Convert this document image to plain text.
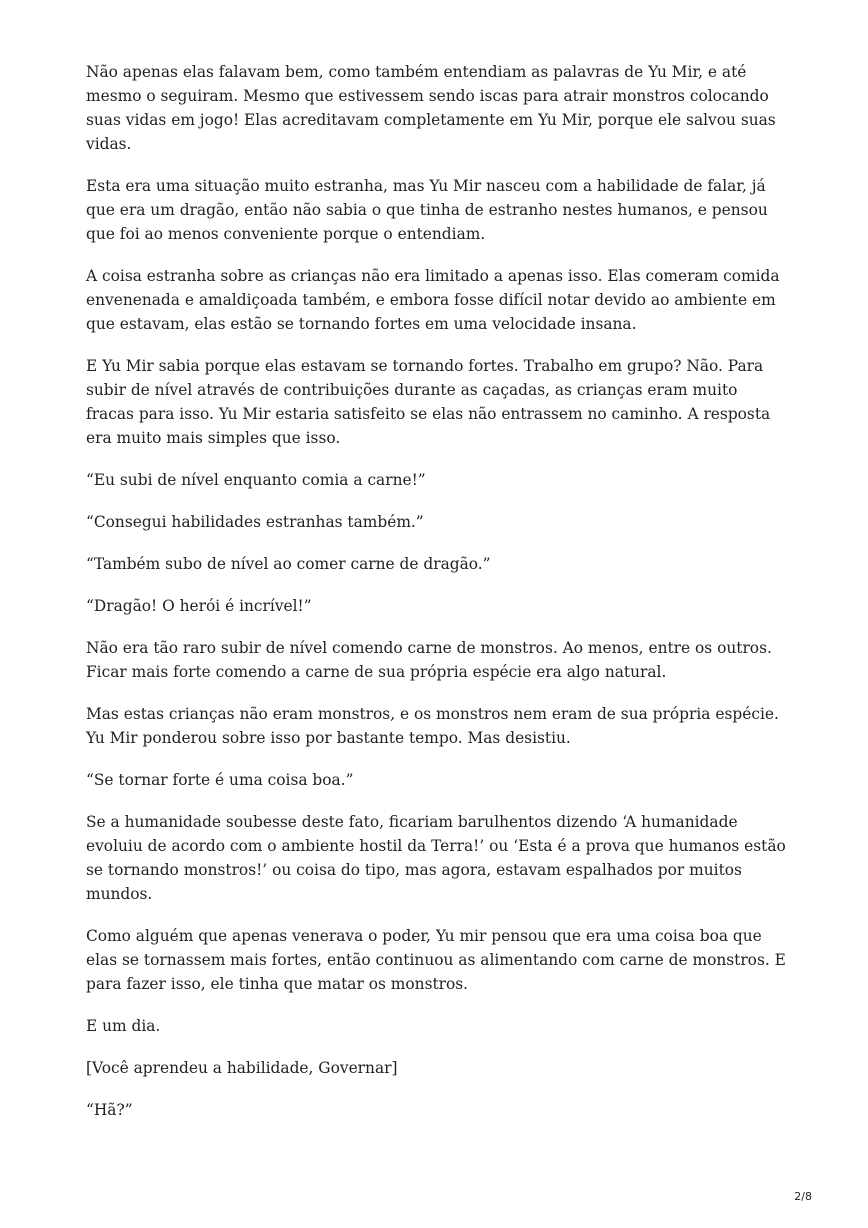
Não apenas elas falavam bem, como também entendiam as palavras de Yu Mir, e até mesmo o seguiram. Mesmo que estivessem sendo iscas para atrair monstros colocando suas vidas em jogo! Elas acreditavam completamente em Yu Mir, porque ele salvou suas vidas.

Esta era uma situação muito estranha, mas Yu Mir nasceu com a habilidade de falar, já que era um dragão, então não sabia o que tinha de estranho nestes humanos, e pensou que foi ao menos conveniente porque o entendiam.

A coisa estranha sobre as crianças não era limitado a apenas isso. Elas comeram comida envenenada e amaldiçoada também, e embora fosse difícil notar devido ao ambiente em que estavam, elas estão se tornando fortes em uma velocidade insana.

E Yu Mir sabia porque elas estavam se tornando fortes. Trabalho em grupo? Não. Para subir de nível através de contribuições durante as caçadas, as crianças eram muito fracas para isso. Yu Mir estaria satisfeito se elas não entrassem no caminho. A resposta era muito mais simples que isso.

“Eu subi de nível enquanto comia a carne!”

“Consegui habilidades estranhas também.”

“Também subo de nível ao comer carne de dragão.”

“Dragão! O herói é incrível!”

Não era tão raro subir de nível comendo carne de monstros. Ao menos, entre os outros. Ficar mais forte comendo a carne de sua própria espécie era algo natural.

Mas estas crianças não eram monstros, e os monstros nem eram de sua própria espécie. Yu Mir ponderou sobre isso por bastante tempo. Mas desistiu.

“Se tornar forte é uma coisa boa.”

Se a humanidade soubesse deste fato, ficariam barulhentos dizendo ‘A humanidade evoluiu de acordo com o ambiente hostil da Terra!’ ou ‘Esta é a prova que humanos estão se tornando monstros!’ ou coisa do tipo, mas agora, estavam espalhados por muitos mundos.

Como alguém que apenas venerava o poder, Yu mir pensou que era uma coisa boa que elas se tornassem mais fortes, então continuou as alimentando com carne de monstros. E para fazer isso, ele tinha que matar os monstros.

E um dia.

[Você aprendeu a habilidade, Governar]

“Hã?”

2/8
